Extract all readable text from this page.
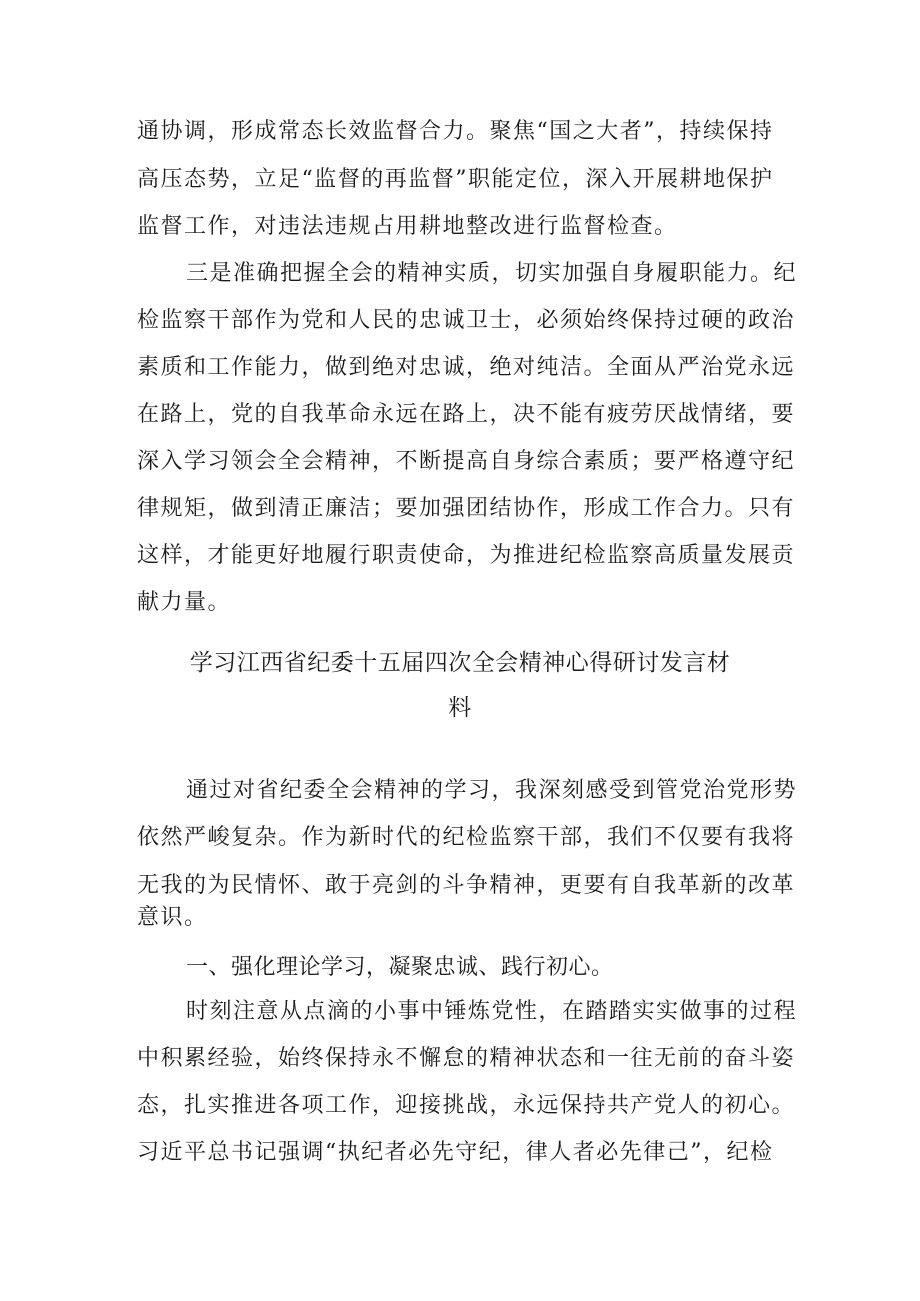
通协调，形成常态长效监督合力。聚焦“国之大者”，持续保持
高压态势，立足“监督的再监督”职能定位，深入开展耕地保护
监督工作，对违法违规占用耕地整改进行监督检查。
三是准确把握全会的精神实质，切实加强自身履职能力。纪
检监察干部作为党和人民的忠诚卫士，必须始终保持过硬的政治
素质和工作能力，做到绝对忠诚，绝对纯洁。全面从严治党永远
在路上，党的自我革命永远在路上，决不能有疲劳厌战情绪，要
深入学习领会全会精神，不断提高自身综合素质；要严格遵守纪
律规矩，做到清正廉洁；要加强团结协作，形成工作合力。只有
这样，才能更好地履行职责使命，为推进纪检监察高质量发展贡
献力量。
学习江西省纪委十五届四次全会精神心得研讨发言材
料
通过对省纪委全会精神的学习，我深刻感受到管党治党形势
依然严峻复杂。作为新时代的纪检监察干部，我们不仅要有我将
无我的为民情怀、敢于亮剑的斗争精神，更要有自我革新的改革
意识。
一、强化理论学习，凝聚忠诚、践行初心。
时刻注意从点滴的小事中锤炼党性，在踏踏实实做事的过程
中积累经验，始终保持永不懈怠的精神状态和一往无前的奋斗姿
态，扎实推进各项工作，迎接挑战，永远保持共产党人的初心。
习近平总书记强调“执纪者必先守纪，律人者必先律己”，纪检
